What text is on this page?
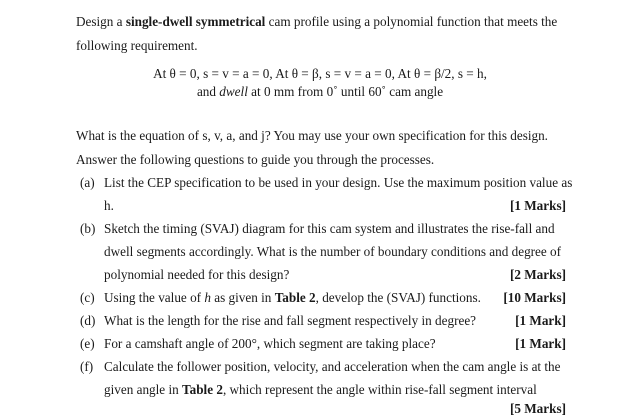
Design a single-dwell symmetrical cam profile using a polynomial function that meets the
following requirement.
At θ = 0, s = v = a = 0, At θ = β, s = v = a = 0, At θ = β/2, s = h,
and dwell at 0 mm from 0˚ until 60˚ cam angle
What is the equation of s, v, a, and j? You may use your own specification for this design.
Answer the following questions to guide you through the processes.
(a) List the CEP specification to be used in your design. Use the maximum position value as
h.	[1 Marks]
(b) Sketch the timing (SVAJ) diagram for this cam system and illustrates the rise-fall and
dwell segments accordingly. What is the number of boundary conditions and degree of
polynomial needed for this design?	[2 Marks]
(c) Using the value of h as given in Table 2, develop the (SVAJ) functions. [10 Marks]
(d) What is the length for the rise and fall segment respectively in degree?	[1 Mark]
(e) For a camshaft angle of 200°, which segment are taking place?	[1 Mark]
(f) Calculate the follower position, velocity, and acceleration when the cam angle is at the
given angle in Table 2, which represent the angle within rise-fall segment interval
[5 Marks]
